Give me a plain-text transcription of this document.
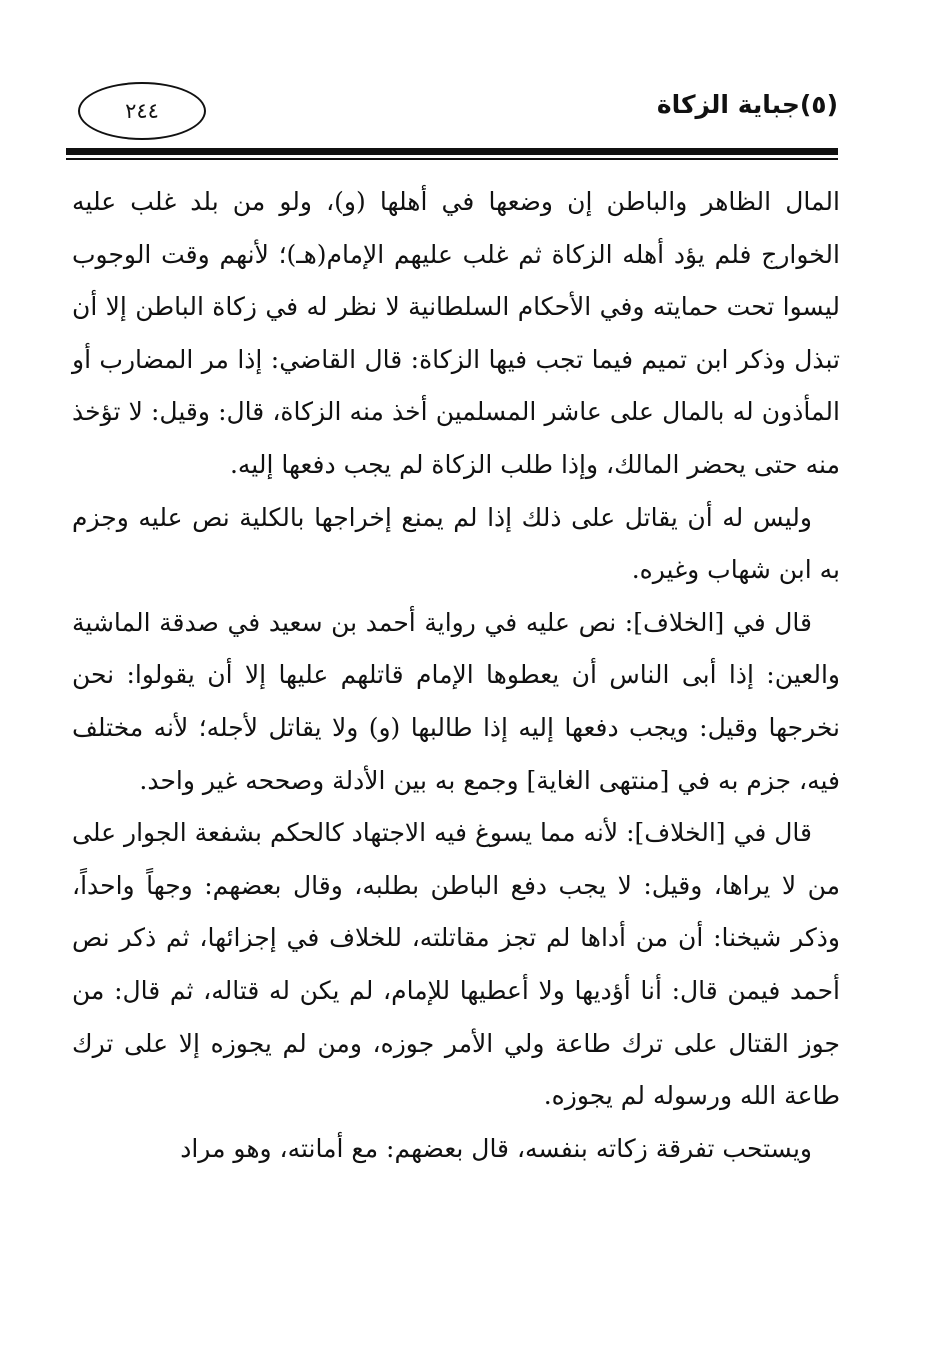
٢٤٤	(٥)جباية الزكاة

المال الظاهر والباطن إن وضعها في أهلها (و)، ولو من بلد غلب عليه الخوارج فلم يؤد أهله الزكاة ثم غلب عليهم الإمام(هـ)؛ لأنهم وقت الوجوب ليسوا تحت حمايته وفي الأحكام السلطانية لا نظر له في زكاة الباطن إلا أن تبذل وذكر ابن تميم فيما تجب فيها الزكاة: قال القاضي: إذا مر المضارب أو المأذون له بالمال على عاشر المسلمين أخذ منه الزكاة، قال: وقيل: لا تؤخذ منه حتى يحضر المالك، وإذا طلب الزكاة لم يجب دفعها إليه.

وليس له أن يقاتل على ذلك إذا لم يمنع إخراجها بالكلية نص عليه وجزم به ابن شهاب وغيره.

قال في [الخلاف]: نص عليه في رواية أحمد بن سعيد في صدقة الماشية والعين: إذا أبى الناس أن يعطوها الإمام قاتلهم عليها إلا أن يقولوا: نحن نخرجها وقيل: ويجب دفعها إليه إذا طالبها (و) ولا يقاتل لأجله؛ لأنه مختلف فيه، جزم به في [منتهى الغاية] وجمع به بين الأدلة وصححه غير واحد.

قال في [الخلاف]: لأنه مما يسوغ فيه الاجتهاد كالحكم بشفعة الجوار على من لا يراها، وقيل: لا يجب دفع الباطن بطلبه، وقال بعضهم: وجهاً واحداً، وذكر شيخنا: أن من أداها لم تجز مقاتلته، للخلاف في إجزائها، ثم ذكر نص أحمد فيمن قال: أنا أؤديها ولا أعطيها للإمام، لم يكن له قتاله، ثم قال: من جوز القتال على ترك طاعة ولي الأمر جوزه، ومن لم يجوزه إلا على ترك طاعة الله ورسوله لم يجوزه.

ويستحب تفرقة زكاته بنفسه، قال بعضهم: مع أمانته، وهو مراد
